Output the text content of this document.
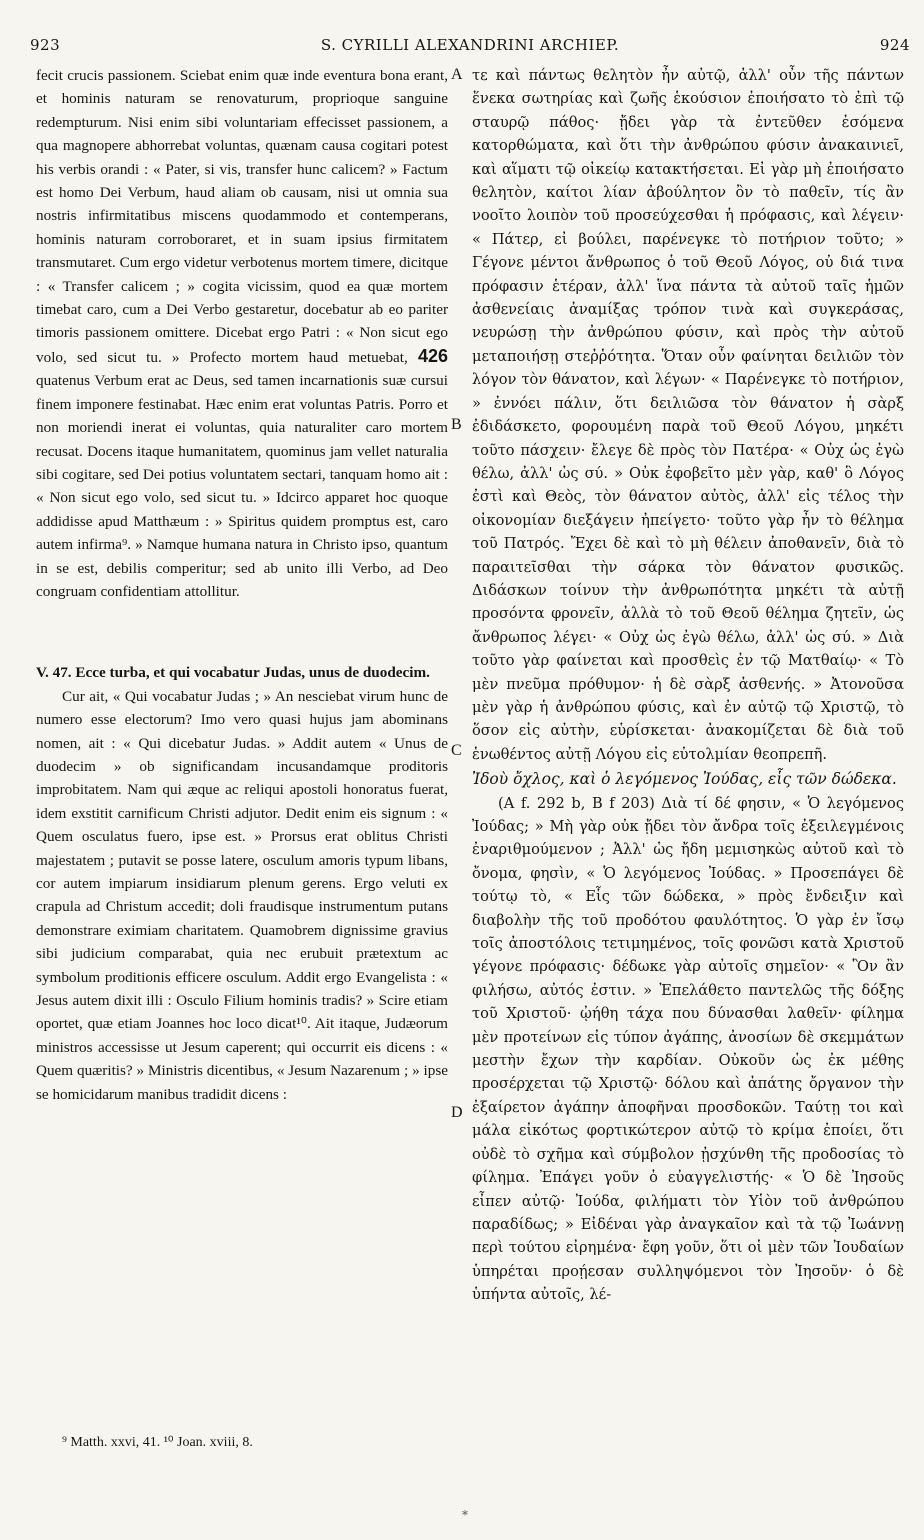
923	S. CYRILLI ALEXANDRINI ARCHIEP.	924

fecit crucis passionem. Sciebat enim quæ inde eventura bona erant, et hominis naturam se renovaturum, proprioque sanguine redempturum. Nisi enim sibi voluntariam effecisset passionem, a qua magnopere abhorrebat voluntas, quænam causa cogitari potest his verbis orandi : « Pater, si vis, transfer hunc calicem? » Factum est homo Dei Verbum, haud aliam ob causam, nisi ut omnia sua nostris infirmitatibus miscens quodammodo et contemperans, hominis naturam corroboraret, et in suam ipsius firmitatem transmutaret. Cum ergo videtur verbotenus mortem timere, dicitque : « Transfer calicem ; » cogita vicissim, quod ea quæ mortem timebat caro, cum a Dei Verbo gestaretur, docebatur ab eo pariter timoris passionem omittere. Dicebat ergo Patri : « Non sicut ego volo, sed sicut tu. » Profecto mortem haud metuebat, 426 quatenus Verbum erat ac Deus, sed tamen incarnationis suæ cursui finem imponere festinabat. Hæc enim erat voluntas Patris. Porro et non moriendi inerat ei voluntas, quia naturaliter caro mortem recusat. Docens itaque humanitatem, quominus jam vellet naturalia sibi cogitare, sed Dei potius voluntatem sectari, tanquam homo ait : « Non sicut ego volo, sed sicut tu. » Idcirco apparet hoc quoque addidisse apud Matthæum : » Spiritus quidem promptus est, caro autem infirma⁹. » Namque humana natura in Christo ipso, quantum in se est, debilis comperitur; sed ab unito illi Verbo, ad Deo congruam confidentiam attollitur.

V. 47. Ecce turba, et qui vocabatur Judas, unus de duodecim.

Cur ait, « Qui vocabatur Judas ; » An nesciebat virum hunc de numero esse electorum? Imo vero quasi hujus jam abominans nomen, ait : « Qui dicebatur Judas. » Addit autem « Unus de duodecim » ob significandam incusandamque proditoris improbitatem. Nam qui æque ac reliqui apostoli honoratus fuerat, idem exstitit carnificum Christi adjutor. Dedit enim eis signum : « Quem osculatus fuero, ipse est. » Prorsus erat oblitus Christi majestatem ; putavit se posse latere, osculum amoris typum libans, cor autem impiarum insidiarum plenum gerens. Ergo veluti ex crapula ad Christum accedit; doli fraudisque instrumentum putans demonstrare eximiam charitatem. Quamobrem dignissime gravius sibi judicium comparabat, quia nec erubuit prætextum ac symbolum proditionis efficere osculum. Addit ergo Evangelista : « Jesus autem dixit illi : Osculo Filium hominis tradis? » Scire etiam oportet, quæ etiam Joannes hoc loco dicat¹⁰. Ait itaque, Judæorum ministros accessisse ut Jesum caperent; qui occurrit eis dicens : « Quem quæritis? » Ministris dicentibus, « Jesum Nazarenum ; » ipse se homicidarum manibus tradidit dicens :

τε καὶ πάντως θελητὸν ἦν αὐτῷ, ἀλλ' οὖν τῆς πάντων ἕνεκα σωτηρίας καὶ ζωῆς ἑκούσιον ἐποιήσατο τὸ ἐπὶ τῷ σταυρῷ πάθος· ᾔδει γὰρ τὰ ἐντεῦθεν ἐσόμενα κατορθώματα, καὶ ὅτι τὴν ἀνθρώπου φύσιν ἀνακαινιεῖ, καὶ αἵματι τῷ οἰκείῳ κατακτήσεται. Εἰ γὰρ μὴ ἐποιήσατο θελητὸν, καίτοι λίαν ἀβούλητον ὂν τὸ παθεῖν, τίς ἂν νοοῖτο λοιπὸν τοῦ προσεύχεσθαι ἡ πρόφασις, καὶ λέγειν· « Πάτερ, εἰ βούλει, παρένεγκε τὸ ποτήριον τοῦτο; » Γέγονε μέντοι ἄνθρωπος ὁ τοῦ Θεοῦ Λόγος, οὐ διά τινα πρόφασιν ἑτέραν, ἀλλ' ἵνα πάντα τὰ αὐτοῦ ταῖς ἡμῶν ἀσθενείαις ἀναμίξας τρόπον τινὰ καὶ συγκεράσας, νευρώσῃ τὴν ἀνθρώπου φύσιν, καὶ πρὸς τὴν αὐτοῦ μεταποιήσῃ στεῤῥότητα. Ὅταν οὖν φαίνηται δειλιῶν τὸν λόγον τὸν θάνατον, καὶ λέγων· « Παρένεγκε τὸ ποτήριον, » ἐννόει πάλιν, ὅτι δειλιῶσα τὸν θάνατον ἡ σὰρξ ἐδιδάσκετο, φορουμένη παρὰ τοῦ Θεοῦ Λόγου, μηκέτι τοῦτο πάσχειν· ἔλεγε δὲ πρὸς τὸν Πατέρα· « Οὐχ ὡς ἐγὼ θέλω, ἀλλ' ὡς σύ. » Οὐκ ἐφοβεῖτο μὲν γὰρ, καθ' ὃ Λόγος ἐστὶ καὶ Θεὸς, τὸν θάνατον αὐτὸς, ἀλλ' εἰς τέλος τὴν οἰκονομίαν διεξάγειν ἠπείγετο· τοῦτο γὰρ ἦν τὸ θέλημα τοῦ Πατρός. Ἔχει δὲ καὶ τὸ μὴ θέλειν ἀποθανεῖν, διὰ τὸ παραιτεῖσθαι τὴν σάρκα τὸν θάνατον φυσικῶς. Διδάσκων τοίνυν τὴν ἀνθρωπότητα μηκέτι τὰ αὐτῇ προσόντα φρονεῖν, ἀλλὰ τὸ τοῦ Θεοῦ θέλημα ζητεῖν, ὡς ἄνθρωπος λέγει· « Οὐχ ὡς ἐγὼ θέλω, ἀλλ' ὡς σύ. » Διὰ τοῦτο γὰρ φαίνεται καὶ προσθεὶς ἐν τῷ Ματθαίῳ· « Τὸ μὲν πνεῦμα πρόθυμον· ἡ δὲ σὰρξ ἀσθενής. » Ἀτονοῦσα μὲν γὰρ ἡ ἀνθρώπου φύσις, καὶ ἐν αὐτῷ τῷ Χριστῷ, τὸ ὅσον εἰς αὐτὴν, εὑρίσκεται· ἀνακομίζεται δὲ διὰ τοῦ ἑνωθέντος αὐτῇ Λόγου εἰς εὐτολμίαν θεοπρεπῆ.

Ἰδοὺ ὄχλος, καὶ ὁ λεγόμενος Ἰούδας, εἷς τῶν δώδεκα.

(A f. 292 b, B f 203) Διὰ τί δέ φησιν, « Ὁ λεγόμενος Ἰούδας; » Μὴ γὰρ οὐκ ᾔδει τὸν ἄνδρα τοῖς ἐξειλεγμένοις ἐναριθμούμενον ; Ἀλλ' ὡς ἤδη μεμισηκὼς αὐτοῦ καὶ τὸ ὄνομα, φησὶν, « Ὁ λεγόμενος Ἰούδας. » Προσεπάγει δὲ τούτῳ τὸ, « Εἷς τῶν δώδεκα, » πρὸς ἔνδειξιν καὶ διαβολὴν τῆς τοῦ προδότου φαυλότητος. Ὁ γὰρ ἐν ἴσῳ τοῖς ἀποστόλοις τετιμημένος, τοῖς φονῶσι κατὰ Χριστοῦ γέγονε πρόφασις· δέδωκε γὰρ αὐτοῖς σημεῖον· « Ὃν ἂν φιλήσω, αὐτός ἐστιν. » Ἐπελάθετο παντελῶς τῆς δόξης τοῦ Χριστοῦ· ᾠήθη τάχα που δύνασθαι λαθεῖν· φίλημα μὲν προτείνων εἰς τύπον ἀγάπης, ἀνοσίων δὲ σκεμμάτων μεστὴν ἔχων τὴν καρδίαν. Οὐκοῦν ὡς ἐκ μέθης προσέρχεται τῷ Χριστῷ· δόλου καὶ ἀπάτης ὄργανον τὴν ἐξαίρετον ἀγάπην ἀποφῆναι προσδοκῶν. Ταύτῃ τοι καὶ μάλα εἰκότως φορτικώτερον αὐτῷ τὸ κρίμα ἐποίει, ὅτι οὐδὲ τὸ σχῆμα καὶ σύμβολον ᾐσχύνθη τῆς προδοσίας τὸ φίλημα. Ἐπάγει γοῦν ὁ εὐαγγελιστής· « Ὁ δὲ Ἰησοῦς εἶπεν αὐτῷ· Ἰούδα, φιλήματι τὸν Υἱὸν τοῦ ἀνθρώπου παραδίδως; » Εἰδέναι γὰρ ἀναγκαῖον καὶ τὰ τῷ Ἰωάννῃ περὶ τούτου εἰρημένα· ἔφη γοῦν, ὅτι οἱ μὲν τῶν Ἰουδαίων ὑπηρέται προῄεσαν συλληψόμενοι τὸν Ἰησοῦν· ὁ δὲ ὑπήντα αὐτοῖς, λέ-

A
B
C
D
⁹ Matth. xxvi, 41. ¹⁰ Joan. xviii, 8.
*
